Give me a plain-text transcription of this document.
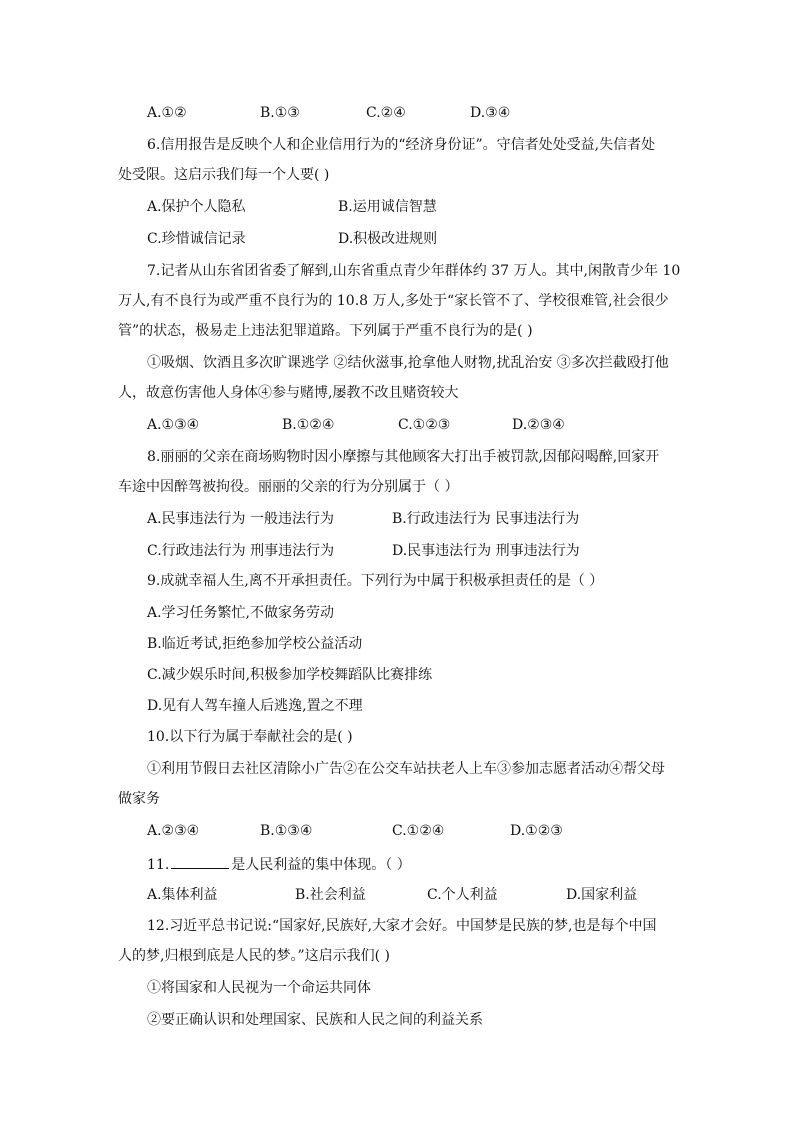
A.①②	B.①③	C.②④	D.③④
6.信用报告是反映个人和企业信用行为的“经济身份证”。守信者处处受益,失信者处
处受限。这启示我们每一个人要( )
A.保护个人隐私	B.运用诚信智慧
C.珍惜诚信记录	D.积极改进规则
7.记者从山东省团省委了解到,山东省重点青少年群体约 37 万人。其中,闲散青少年 10
万人,有不良行为或严重不良行为的 10.8 万人,多处于“家长管不了、学校很难管,社会很少
管”的状态，极易走上违法犯罪道路。下列属于严重不良行为的是( )
①吸烟、饮酒且多次旷课逃学 ②结伙滋事,抢拿他人财物,扰乱治安 ③多次拦截殴打他
人，故意伤害他人身体④参与赌博,屡教不改且赌资较大
A.①③④	B.①②④	C.①②③	D.②③④
8.丽丽的父亲在商场购物时因小摩擦与其他顾客大打出手被罚款,因郁闷喝醉,回家开
车途中因醉驾被拘役。丽丽的父亲的行为分别属于（ ）
A.民事违法行为 一般违法行为	B.行政违法行为 民事违法行为
C.行政违法行为 刑事违法行为	D.民事违法行为 刑事违法行为
9.成就幸福人生,离不开承担责任。下列行为中属于积极承担责任的是（ ）
A.学习任务繁忙,不做家务劳动
B.临近考试,拒绝参加学校公益活动
C.减少娱乐时间,积极参加学校舞蹈队比赛排练
D.见有人驾车撞人后逃逸,置之不理
10.以下行为属于奉献社会的是( )
①利用节假日去社区清除小广告②在公交车站扶老人上车③参加志愿者活动④帮父母
做家务
A.②③④	B.①③④	C.①②④	D.①②③
11.	是人民利益的集中体现。（ ）
A.集体利益	B.社会利益	C.个人利益	D.国家利益
12.习近平总书记说:“国家好,民族好,大家才会好。中国梦是民族的梦,也是每个中国
人的梦,归根到底是人民的梦。”这启示我们( )
①将国家和人民视为一个命运共同体
②要正确认识和处理国家、民族和人民之间的利益关系
